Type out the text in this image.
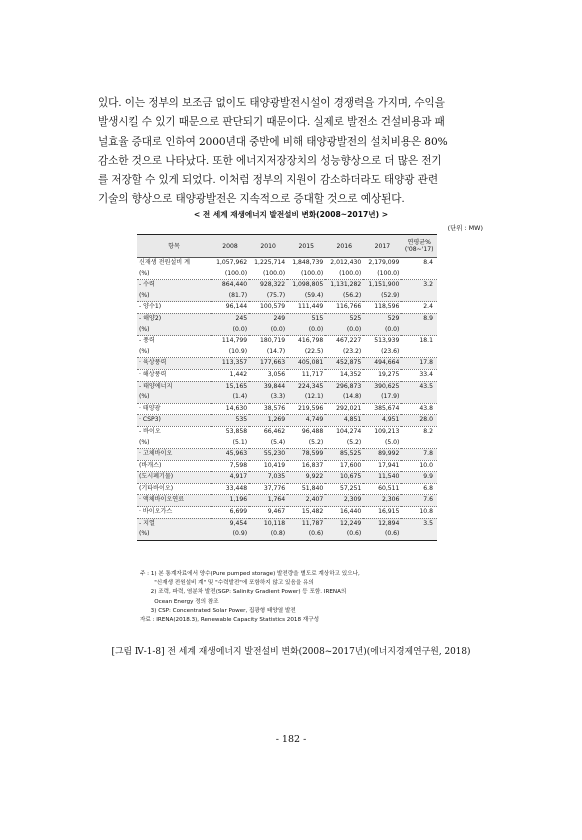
있다. 이는 정부의 보조금 없이도 태양광발전시설이 경쟁력을 가지며, 수익을
발생시킬 수 있기 때문으로 판단되기 때문이다. 실제로 발전소 건설비용과 패
널효율 증대로 인하여 2000년대 중반에 비해 태양광발전의 설치비용은 80%
감소한 것으로 나타났다. 또한 에너지저장장치의 성능향상으로 더 많은 전기
를 저장할 수 있게 되었다. 이처럼 정부의 지원이 감소하더라도 태양광 관련
기술의 향상으로 태양광발전은 지속적으로 증대할 것으로 예상된다.
< 전 세계 재생에너지 발전설비 변화(2008~2017년) >
(단위 : MW)
항목	2008	2010	2015	2016	2017	연평균%
('08~'17)
신재생 전원설비 계	1,057,962	1,225,714	1,848,739	2,012,430	2,179,099	8.4
(%)	(100.0)	(100.0)	(100.0)	(100.0)	(100.0)	
- 수력	864,440	928,322	1,098,805	1,131,282	1,151,900	3.2
(%)	(81.7)	(75.7)	(59.4)	(56.2)	(52.9)	
- 양수1)	96,144	100,579	111,449	116,766	118,596	2.4
- 해양2)	245	249	515	525	529	8.9
(%)	(0.0)	(0.0)	(0.0)	(0.0)	(0.0)	
- 풍력	114,799	180,719	416,798	467,227	513,939	18.1
(%)	(10.9)	(14.7)	(22.5)	(23.2)	(23.6)	
· 육상풍력	113,357	177,663	405,081	452,875	494,664	17.8
· 해상풍력	1,442	3,056	11,717	14,352	19,275	33.4
- 태양에너지	15,165	39,844	224,345	296,873	390,625	43.5
(%)	(1.4)	(3.3)	(12.1)	(14.8)	(17.9)	
· 태양광	14,630	38,576	219,596	292,021	385,674	43.8
· CSP3)	535	1,269	4,749	4,851	4,951	28.0
- 바이오	53,858	66,462	96,488	104,274	109,213	8.2
(%)	(5.1)	(5.4)	(5.2)	(5.2)	(5.0)	
· 고체바이오	45,963	55,230	78,599	85,525	89,992	7.8
(바개스)	7,598	10,419	16,837	17,600	17,941	10.0
(도시폐기물)	4,917	7,035	9,922	10,675	11,540	9.9
(기타바이오)	33,448	37,776	51,840	57,251	60,511	6.8
· 액체바이오연료	1,196	1,764	2,407	2,309	2,306	7.6
· 바이오가스	6,699	9,467	15,482	16,440	16,915	10.8
- 지열	9,454	10,118	11,787	12,249	12,894	3.5
(%)	(0.9)	(0.8)	(0.6)	(0.6)	(0.6)	
주 : 1) 본 통계자료에서 양수(Pure pumped storage) 발전량을 별도로 계상하고 있으나,
"신재생 전원설비 계" 및 "수력발전"에 포함하지 않고 있음을 유의
2) 조력, 파력, 염분차 발전(SGP: Salinity Gradient Power) 등 포함. IRENA의
Ocean Energy 정의 참조
3) CSP: Concentrated Solar Power, 집광형 태양열 발전
자료 : IRENA(2018.3), Renewable Capacity Statistics 2018 재구성
[그림 Ⅳ-1-8] 전 세계 재생에너지 발전설비 변화(2008~2017년)(에너지경제연구원, 2018)
- 182 -
